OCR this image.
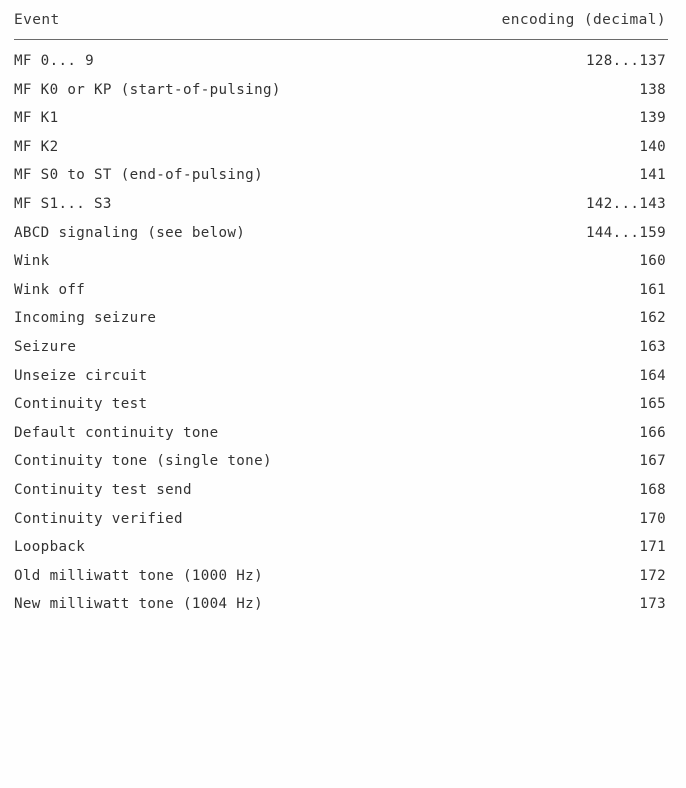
Event	encoding (decimal)
MF 0... 9	128...137
MF K0 or KP (start-of-pulsing)	138
MF K1	139
MF K2	140
MF S0 to ST (end-of-pulsing)	141
MF S1... S3	142...143
ABCD signaling (see below)	144...159
Wink	160
Wink off	161
Incoming seizure	162
Seizure	163
Unseize circuit	164
Continuity test	165
Default continuity tone	166
Continuity tone (single tone)	167
Continuity test send	168
Continuity verified	170
Loopback	171
Old milliwatt tone (1000 Hz)	172
New milliwatt tone (1004 Hz)	173
